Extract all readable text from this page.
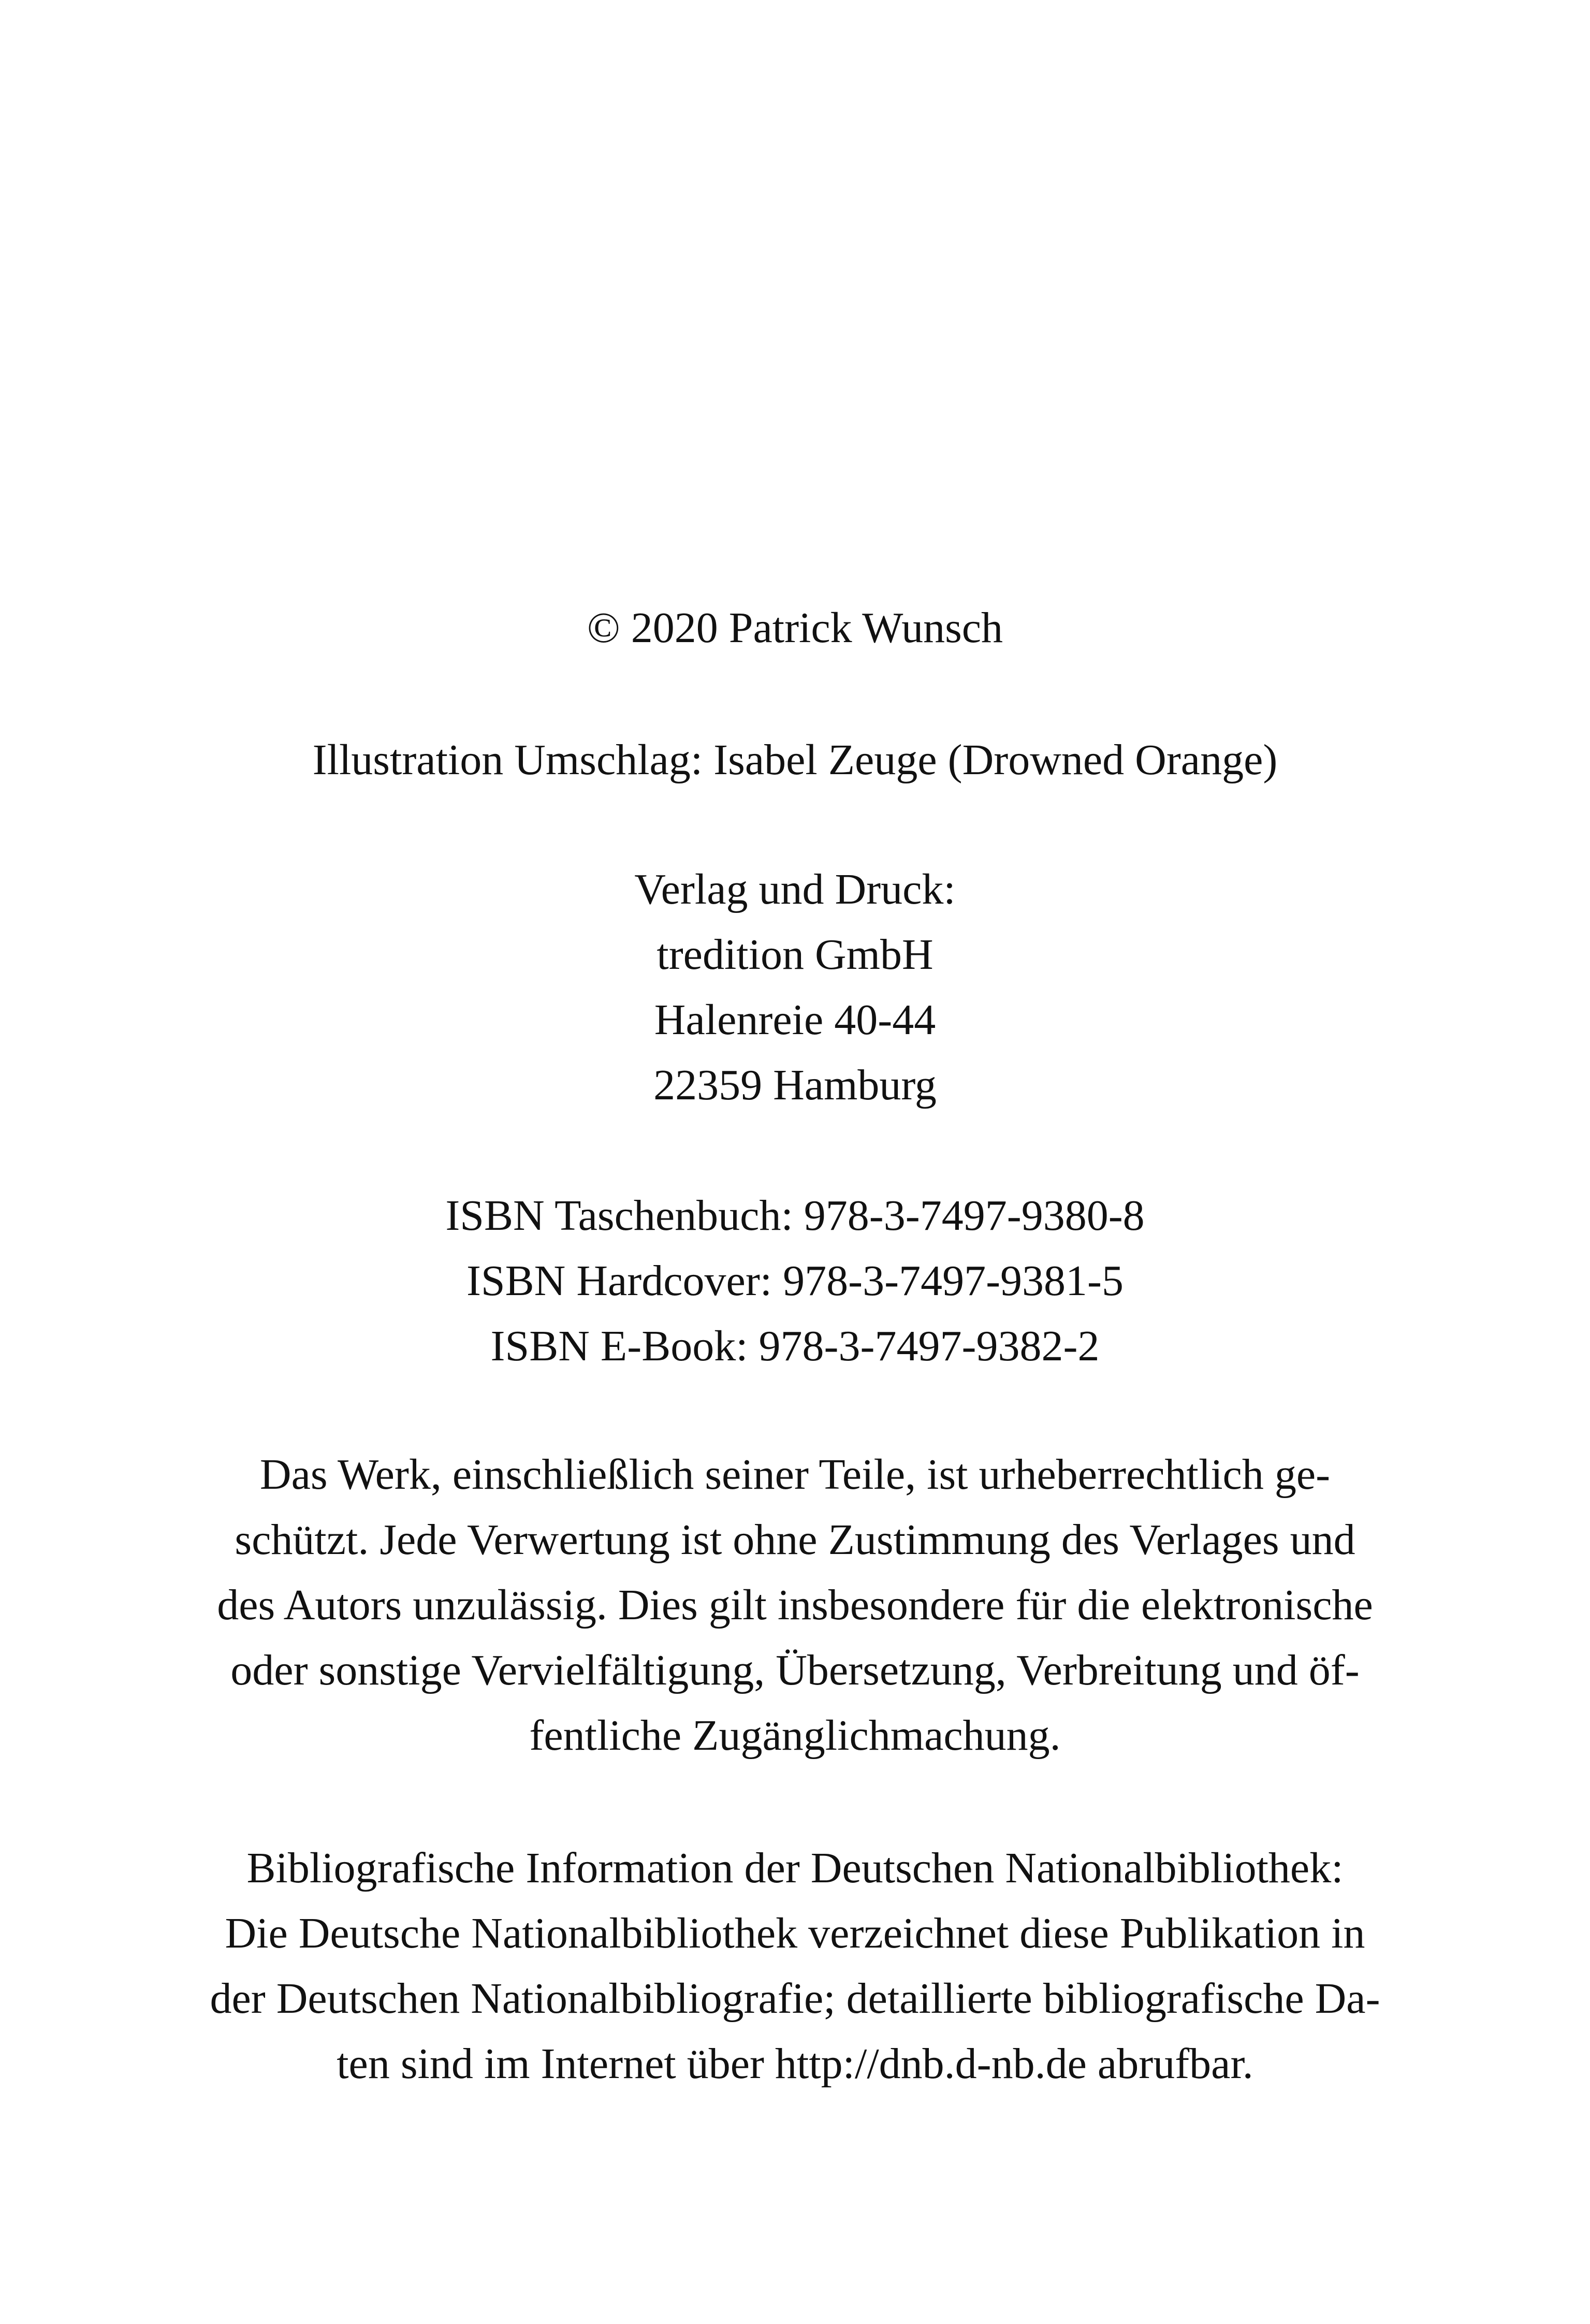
© 2020 Patrick Wunsch
Illustration Umschlag: Isabel Zeuge (Drowned Orange)
Verlag und Druck:
tredition GmbH
Halenreie 40-44
22359 Hamburg
ISBN Taschenbuch: 978-3-7497-9380-8
ISBN Hardcover: 978-3-7497-9381-5
ISBN E-Book: 978-3-7497-9382-2
Das Werk, einschließlich seiner Teile, ist urheberrechtlich ge-
schützt. Jede Verwertung ist ohne Zustimmung des Verlages und
des Autors unzulässig. Dies gilt insbesondere für die elektronische
oder sonstige Vervielfältigung, Übersetzung, Verbreitung und öf-
fentliche Zugänglichmachung.
Bibliografische Information der Deutschen Nationalbibliothek:
Die Deutsche Nationalbibliothek verzeichnet diese Publikation in
der Deutschen Nationalbibliografie; detaillierte bibliografische Da-
ten sind im Internet über http://dnb.d-nb.de abrufbar.
